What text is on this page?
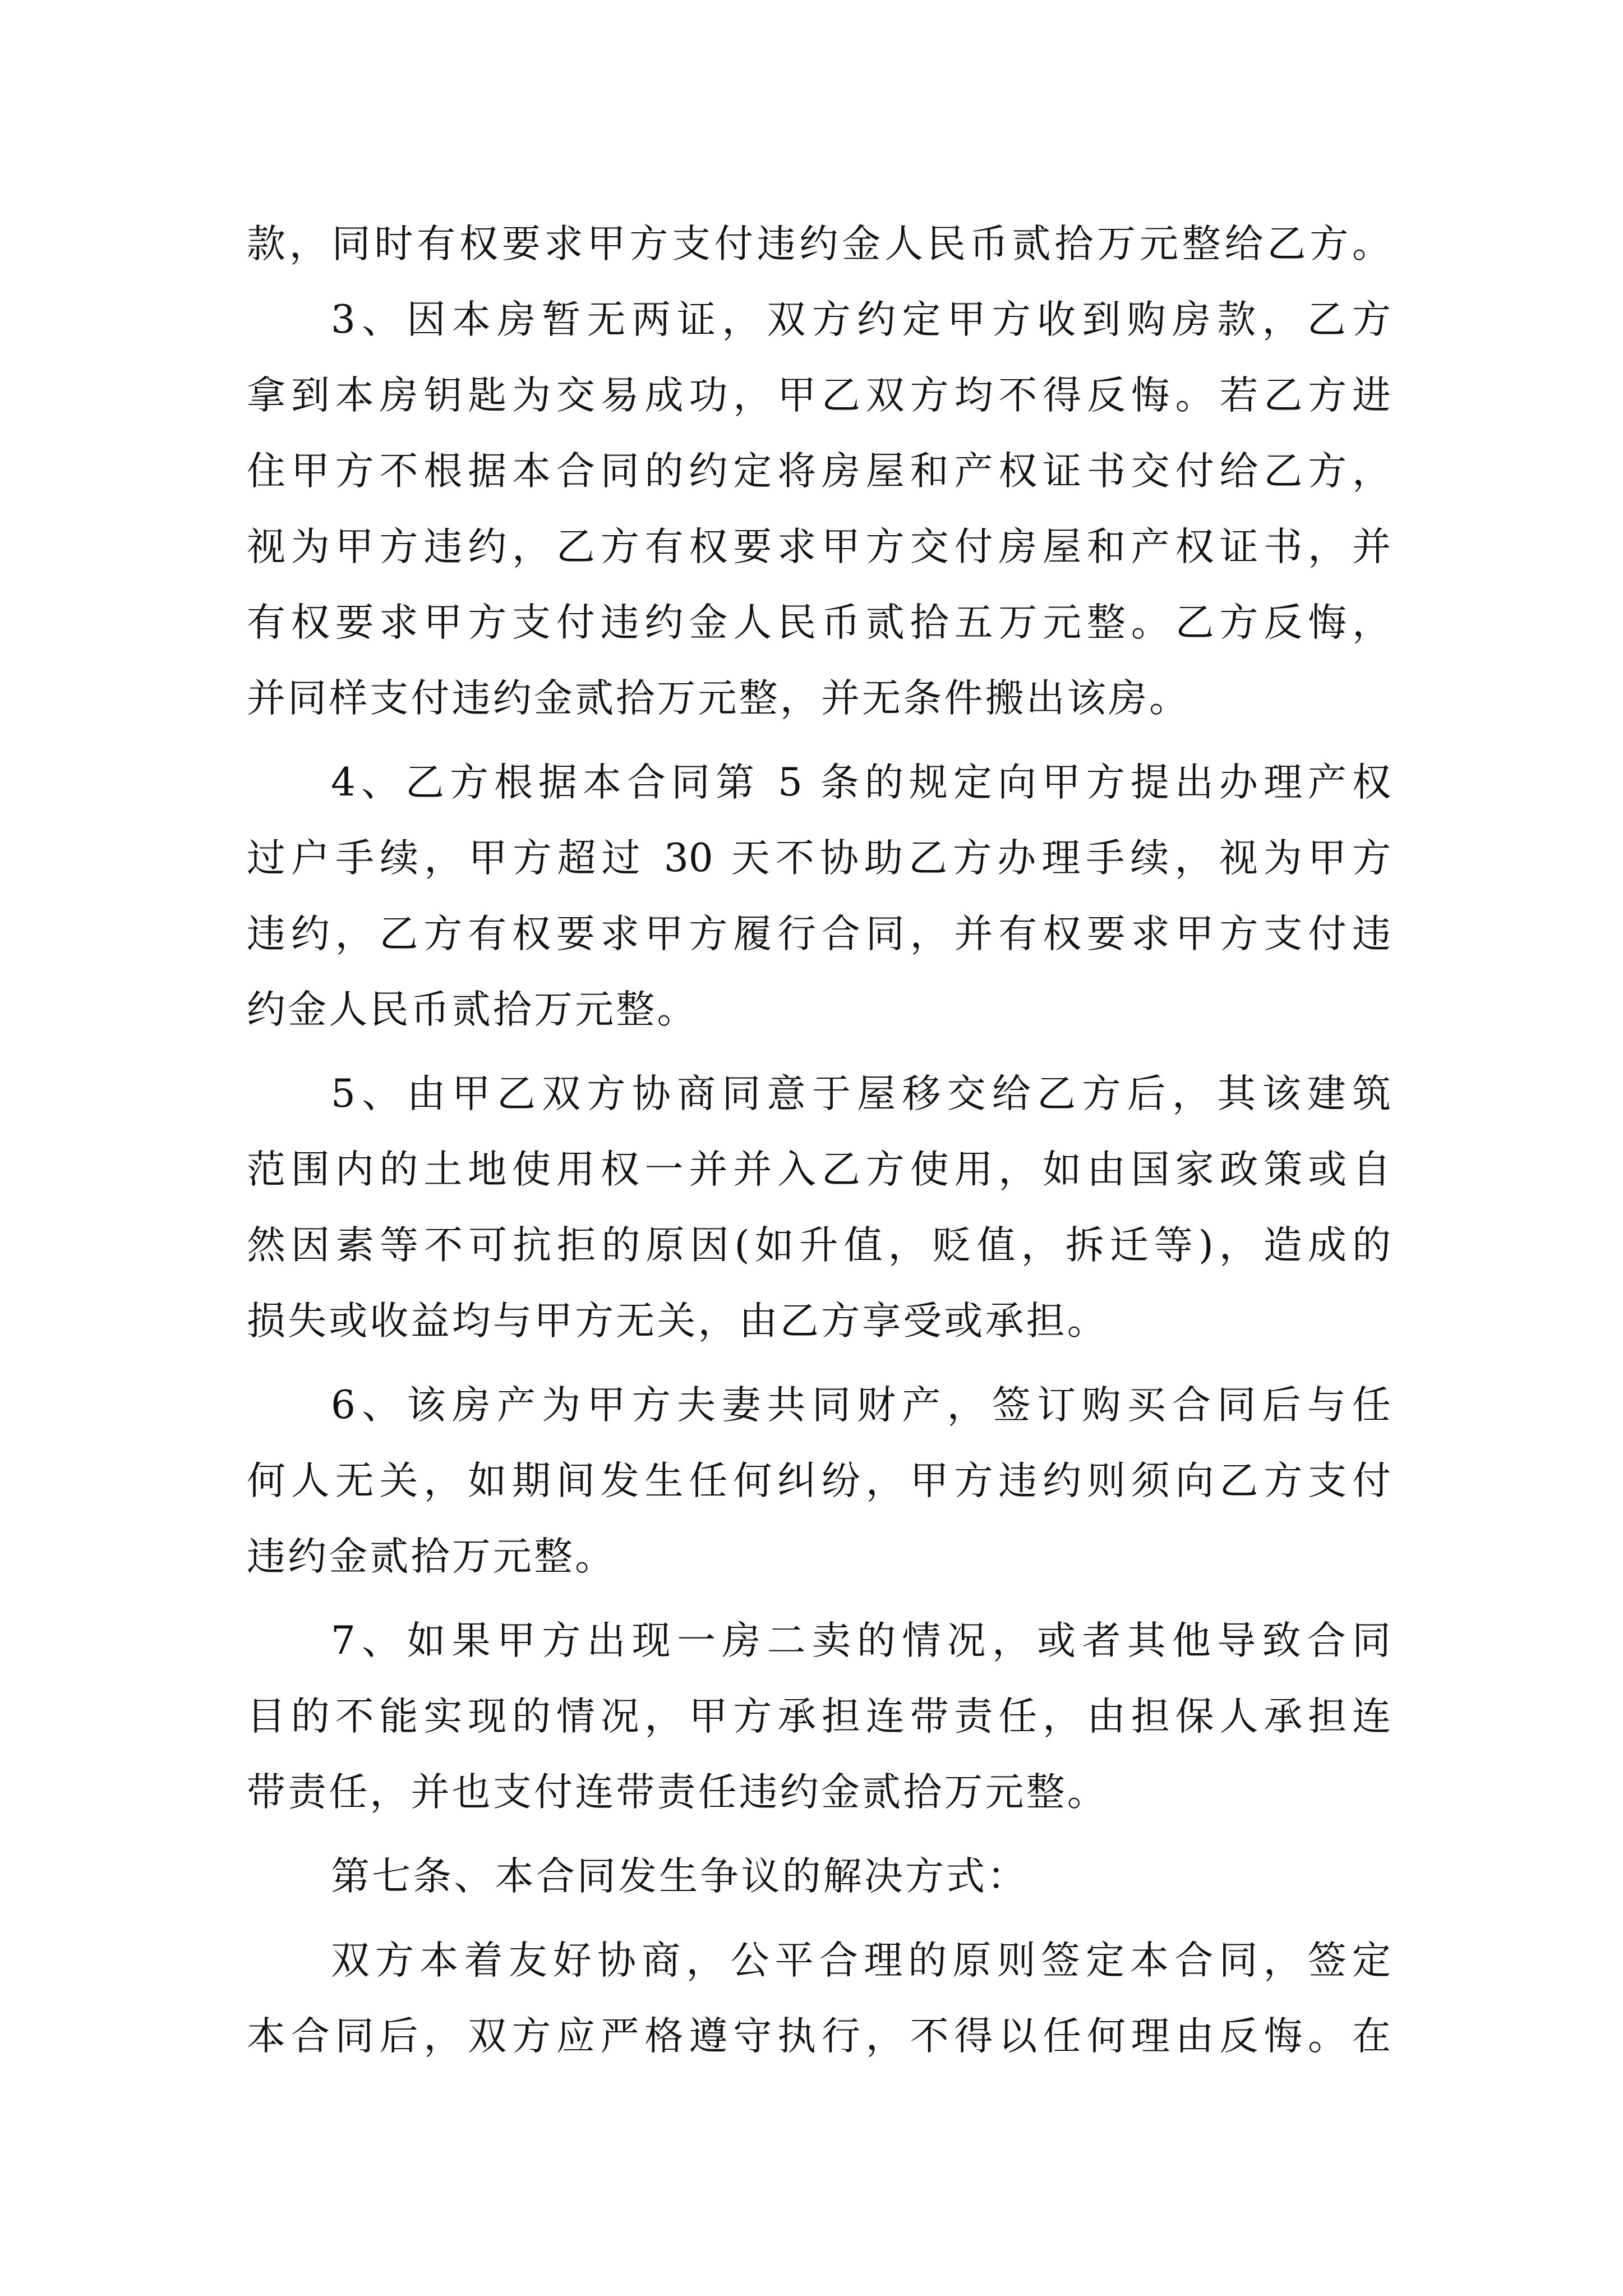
款，同时有权要求甲方支付违约金人民币贰拾万元整给乙方。
3、因本房暂无两证，双方约定甲方收到购房款，乙方
拿到本房钥匙为交易成功，甲乙双方均不得反悔。若乙方进
住甲方不根据本合同的约定将房屋和产权证书交付给乙方，
视为甲方违约，乙方有权要求甲方交付房屋和产权证书，并
有权要求甲方支付违约金人民币贰拾五万元整。乙方反悔，
并同样支付违约金贰拾万元整，并无条件搬出该房。
4、乙方根据本合同第 5 条的规定向甲方提出办理产权
过户手续，甲方超过 30 天不协助乙方办理手续，视为甲方
违约，乙方有权要求甲方履行合同，并有权要求甲方支付违
约金人民币贰拾万元整。
5、由甲乙双方协商同意于屋移交给乙方后，其该建筑
范围内的土地使用权一并并入乙方使用，如由国家政策或自
然因素等不可抗拒的原因(如升值，贬值，拆迁等)，造成的
损失或收益均与甲方无关，由乙方享受或承担。
6、该房产为甲方夫妻共同财产，签订购买合同后与任
何人无关，如期间发生任何纠纷，甲方违约则须向乙方支付
违约金贰拾万元整。
7、如果甲方出现一房二卖的情况，或者其他导致合同
目的不能实现的情况，甲方承担连带责任，由担保人承担连
带责任，并也支付连带责任违约金贰拾万元整。
第七条、本合同发生争议的解决方式：
双方本着友好协商，公平合理的原则签定本合同，签定
本合同后，双方应严格遵守执行，不得以任何理由反悔。在
